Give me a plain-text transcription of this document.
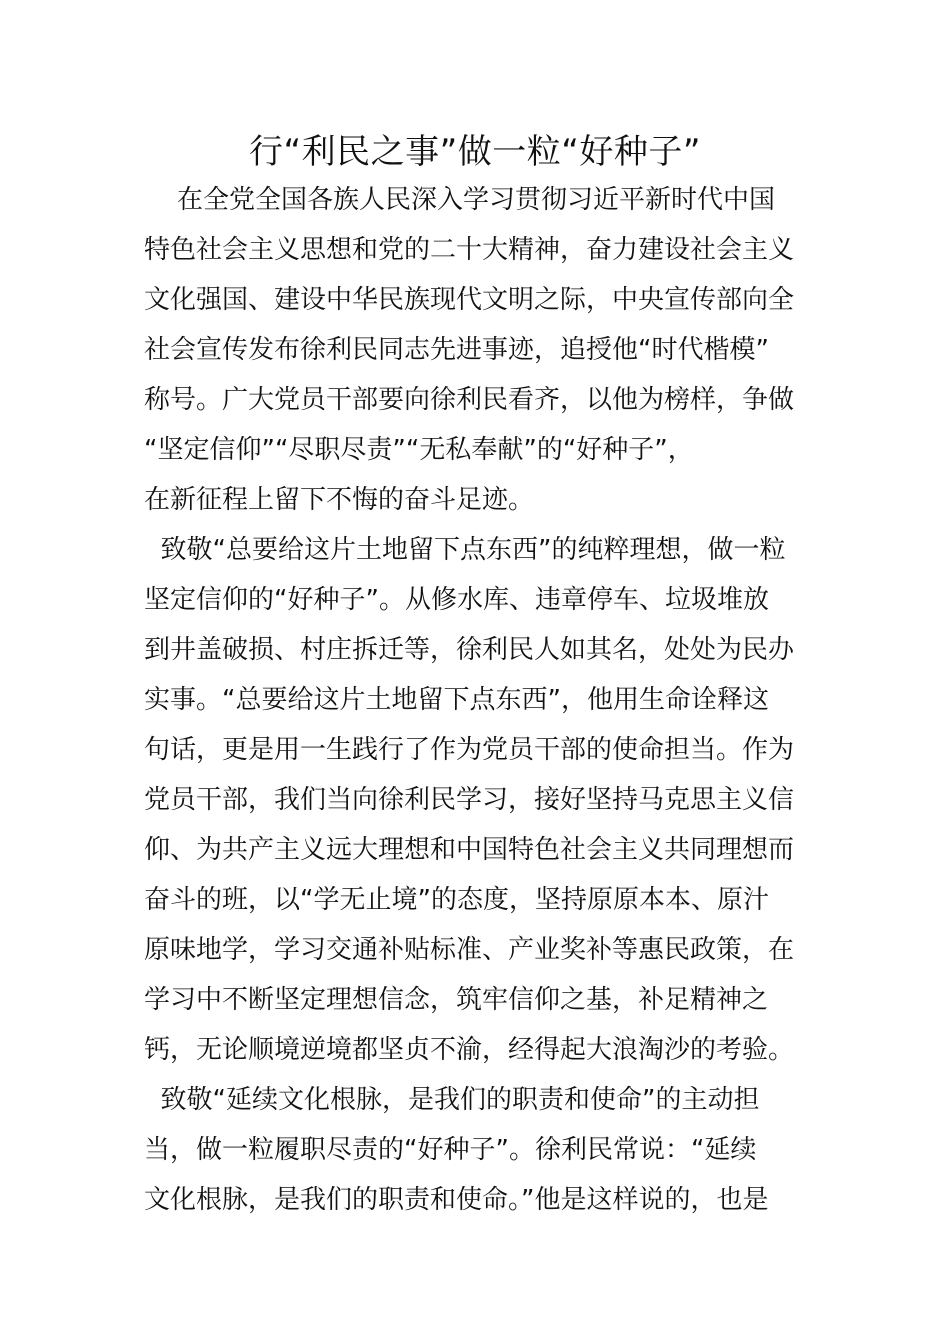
行“利民之事”做一粒“好种子”
在全党全国各族人民深入学习贯彻习近平新时代中国
特色社会主义思想和党的二十大精神，奋力建设社会主义
文化强国、建设中华民族现代文明之际，中央宣传部向全
社会宣传发布徐利民同志先进事迹，追授他“时代楷模”
称号。广大党员干部要向徐利民看齐，以他为榜样，争做
“坚定信仰”“尽职尽责”“无私奉献”的“好种子”，
在新征程上留下不悔的奋斗足迹。
致敬“总要给这片土地留下点东西”的纯粹理想，做一粒
坚定信仰的“好种子”。从修水库、违章停车、垃圾堆放
到井盖破损、村庄拆迁等，徐利民人如其名，处处为民办
实事。“总要给这片土地留下点东西”，他用生命诠释这
句话，更是用一生践行了作为党员干部的使命担当。作为
党员干部，我们当向徐利民学习，接好坚持马克思主义信
仰、为共产主义远大理想和中国特色社会主义共同理想而
奋斗的班，以“学无止境”的态度，坚持原原本本、原汁
原味地学，学习交通补贴标准、产业奖补等惠民政策，在
学习中不断坚定理想信念，筑牢信仰之基，补足精神之
钙，无论顺境逆境都坚贞不渝，经得起大浪淘沙的考验。
致敬“延续文化根脉，是我们的职责和使命”的主动担
当，做一粒履职尽责的“好种子”。徐利民常说：“延续
文化根脉，是我们的职责和使命。”他是这样说的，也是
